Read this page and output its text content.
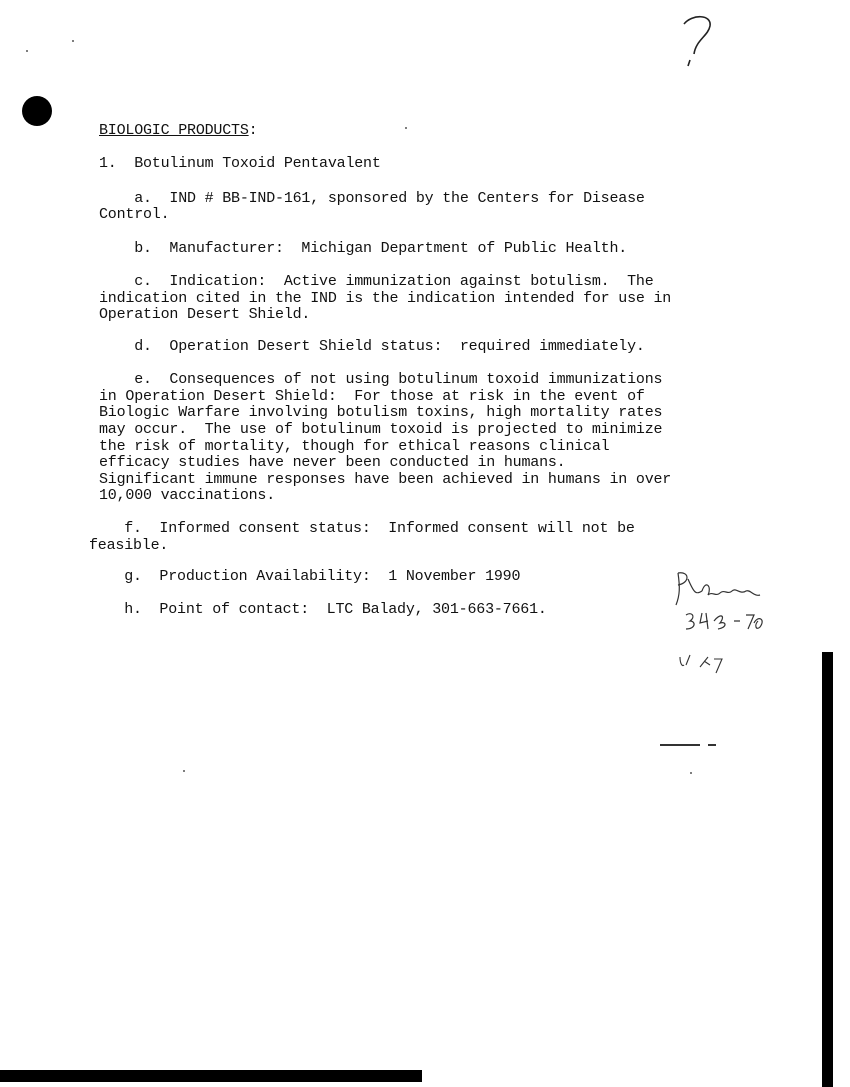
BIOLOGIC PRODUCTS:
1.  Botulinum Toxoid Pentavalent
a.  IND # BB-IND-161, sponsored by the Centers for Disease
Control.
b.  Manufacturer:  Michigan Department of Public Health.
c.  Indication:  Active immunization against botulism.  The
indication cited in the IND is the indication intended for use in
Operation Desert Shield.
d.  Operation Desert Shield status:  required immediately.
e.  Consequences of not using botulinum toxoid immunizations
in Operation Desert Shield:  For those at risk in the event of
Biologic Warfare involving botulism toxins, high mortality rates
may occur.  The use of botulinum toxoid is projected to minimize
the risk of mortality, though for ethical reasons clinical
efficacy studies have never been conducted in humans.
Significant immune responses have been achieved in humans in over
10,000 vaccinations.
f.  Informed consent status:  Informed consent will not be
feasible.
g.  Production Availability:  1 November 1990
h.  Point of contact:  LTC Balady, 301-663-7661.
